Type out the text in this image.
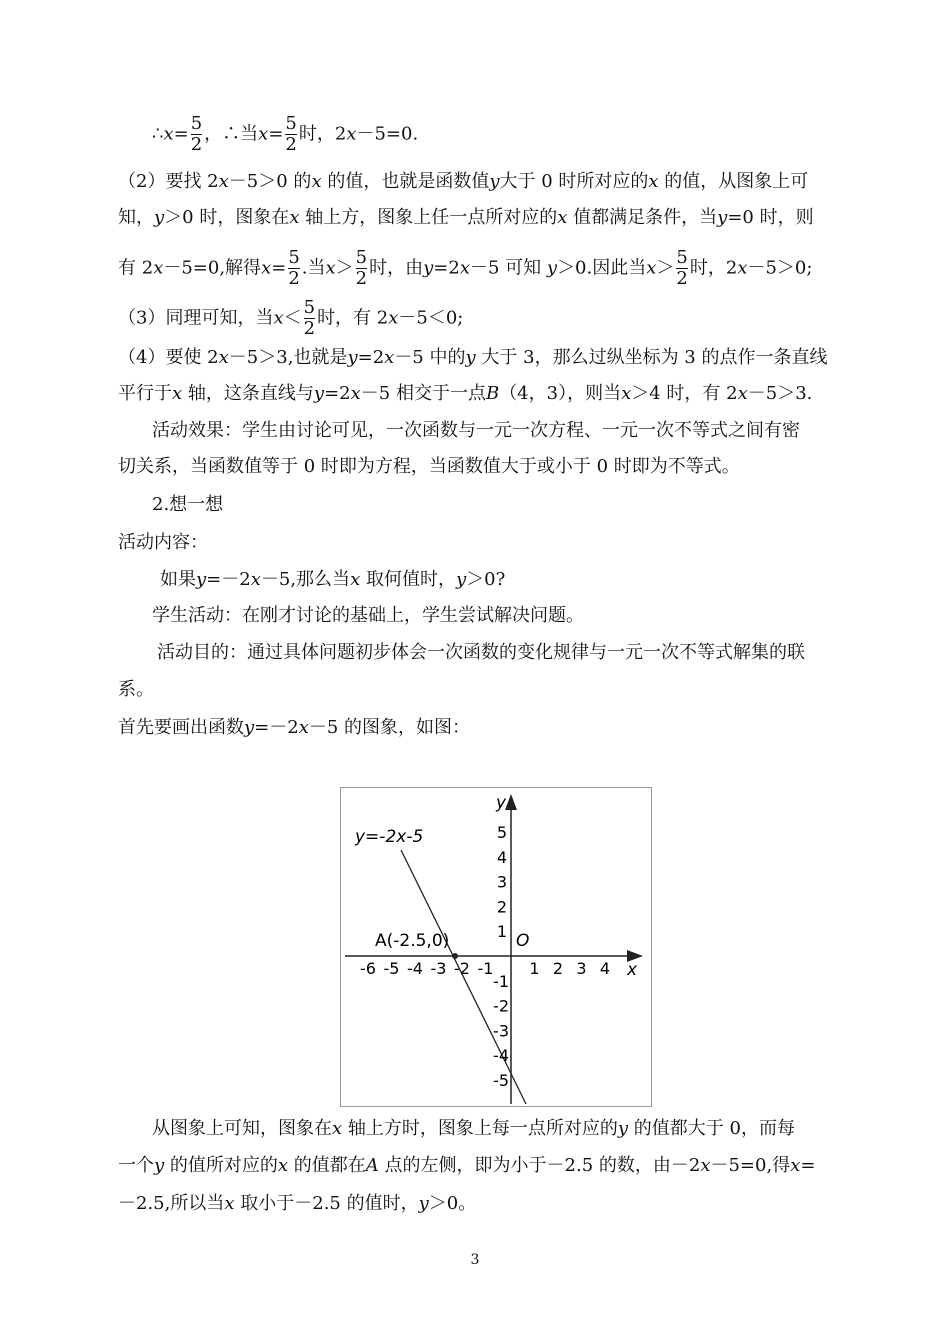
∴x= $\frac{5}{2}$ ，∴当$x= \frac{5}{2}$ 时，2x－5=0.
（2）要找 2x－5＞0 的x 的值，也就是函数值y大于 0 时所对应的x 的值，从图象上可
知，y＞0 时，图象在x 轴上方，图象上任一点所对应的x 值都满足条件，当y=0 时，则
有 2x－5=0,解得$x= \frac{5}{2}$ .当$x> \frac{5}{2}$ 时，由y=2x－5 可知 y＞0.因此当$x> \frac{5}{2}$ 时，2x－5＞0;
（3）同理可知，当$x< \frac{5}{2}$ 时，有 2x－5＜0;
（4）要使 2x－5＞3,也就是y=2x－5 中的y 大于 3，那么过纵坐标为 3 的点作一条直线
平行于x 轴，这条直线与y=2x－5 相交于一点B（4，3），则当x＞4 时，有 2x－5＞3.
活动效果：学生由讨论可见，一次函数与一元一次方程、一元一次不等式之间有密
切关系，当函数值等于 0 时即为方程，当函数值大于或小于 0 时即为不等式。
2.想一想
活动内容：
如果y=－2x－5,那么当x 取何值时，y＞0?
学生活动：在刚才讨论的基础上，学生尝试解决问题。
活动目的：通过具体问题初步体会一次函数的变化规律与一元一次不等式解集的联
系。
首先要画出函数y=－2x－5 的图象，如图：
y=-2x-5
A(-2.5,0)	O
x
y
-6 -5 -4 -3 -2 -1 1 2 3 4
5
4
3
2
1
-1
-2
-3
-4
-5
从图象上可知，图象在x 轴上方时，图象上每一点所对应的y 的值都大于 0，而每
一个y 的值所对应的x 的值都在A 点的左侧，即为小于－2.5 的数，由－2x－5=0,得x=
－2.5,所以当x 取小于－2.5 的值时，y＞0。
3
